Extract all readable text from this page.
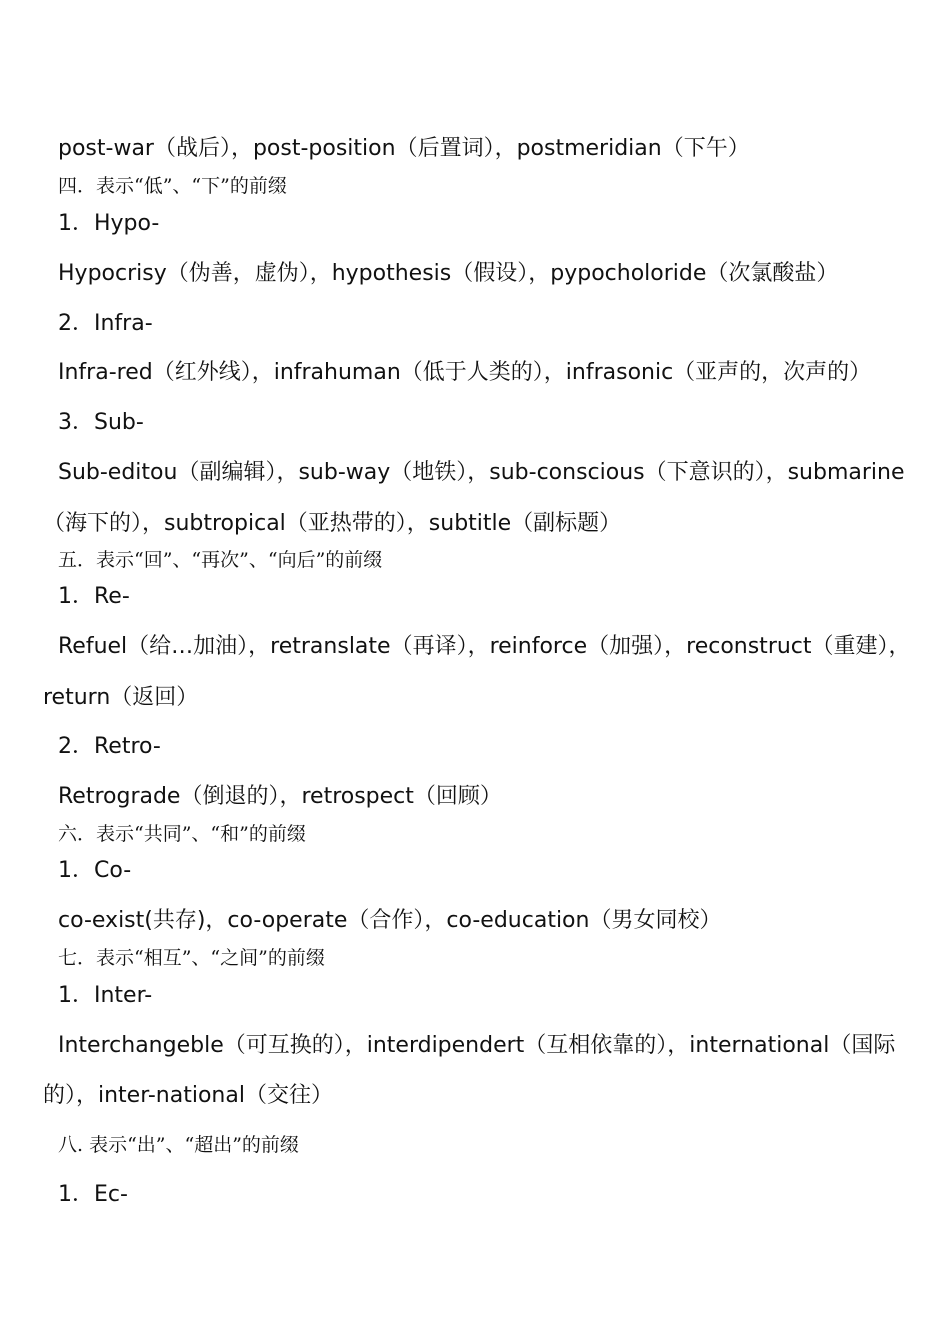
post-war（战后），post-position（后置词），postmeridian（下午）
四．表示“低”、“下”的前缀
1．Hypo-
Hypocrisy（伪善，虚伪），hypothesis（假设），pypocholoride（次氯酸盐）
2．Infra-
Infra-red（红外线），infrahuman（低于人类的），infrasonic（亚声的，次声的）
3．Sub-
Sub-editou（副编辑），sub-way（地铁），sub-conscious（下意识的），submarine
（海下的），subtropical（亚热带的），subtitle（副标题）
五．表示“回”、“再次”、“向后”的前缀
1．Re-
Refuel（给…加油），retranslate（再译），reinforce（加强），reconstruct（重建），
return（返回）
2．Retro-
Retrograde（倒退的），retrospect（回顾）
六．表示“共同”、“和”的前缀
1．Co-
co-exist(共存)，co-operate（合作），co-education（男女同校）
七．表示“相互”、“之间”的前缀
1．Inter-
Interchangeble（可互换的），interdipendert（互相依靠的），international（国际
的），inter-national（交往）
八. 表示“出”、“超出”的前缀
1．Ec-
